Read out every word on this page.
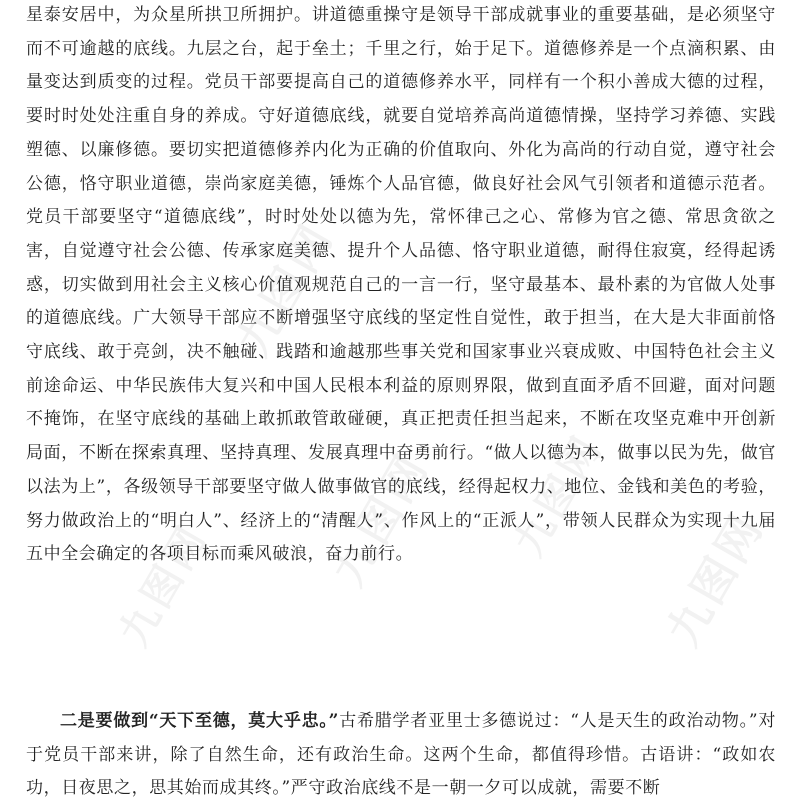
九图网
九图网 九图网
九图网	九图网

星泰安居中，为众星所拱卫所拥护。讲道德重操守是领导干部成就事业的重要基础，是必须坚守而不可逾越的底线。九层之台，起于垒土；千里之行，始于足下。道德修养是一个点滴积累、由量变达到质变的过程。党员干部要提高自己的道德修养水平，同样有一个积小善成大德的过程，要时时处处注重自身的养成。守好道德底线，就要自觉培养高尚道德情操，坚持学习养德、实践塑德、以廉修德。要切实把道德修养内化为正确的价值取向、外化为高尚的行动自觉，遵守社会公德，恪守职业道德，崇尚家庭美德，锤炼个人品官德，做良好社会风气引领者和道德示范者。党员干部要坚守“道德底线”，时时处处以德为先，常怀律己之心、常修为官之德、常思贪欲之害，自觉遵守社会公德、传承家庭美德、提升个人品德、恪守职业道德，耐得住寂寞，经得起诱惑，切实做到用社会主义核心价值观规范自己的一言一行，坚守最基本、最朴素的为官做人处事的道德底线。广大领导干部应不断增强坚守底线的坚定性自觉性，敢于担当，在大是大非面前恪守底线、敢于亮剑，决不触碰、践踏和逾越那些事关党和国家事业兴衰成败、中国特色社会主义前途命运、中华民族伟大复兴和中国人民根本利益的原则界限，做到直面矛盾不回避，面对问题不掩饰，在坚守底线的基础上敢抓敢管敢碰硬，真正把责任担当起来，不断在攻坚克难中开创新局面，不断在探索真理、坚持真理、发展真理中奋勇前行。“做人以德为本，做事以民为先，做官以法为上”，各级领导干部要坚守做人做事做官的底线，经得起权力、地位、金钱和美色的考验，努力做政治上的“明白人”、经济上的“清醒人”、作风上的“正派人”，带领人民群众为实现十九届五中全会确定的各项目标而乘风破浪，奋力前行。

二是要做到“天下至德，莫大乎忠。”古希腊学者亚里士多德说过：“人是天生的政治动物。”对于党员干部来讲，除了自然生命，还有政治生命。这两个生命，都值得珍惜。古语讲：“政如农功，日夜思之，思其始而成其终。”严守政治底线不是一朝一夕可以成就，需要不断
